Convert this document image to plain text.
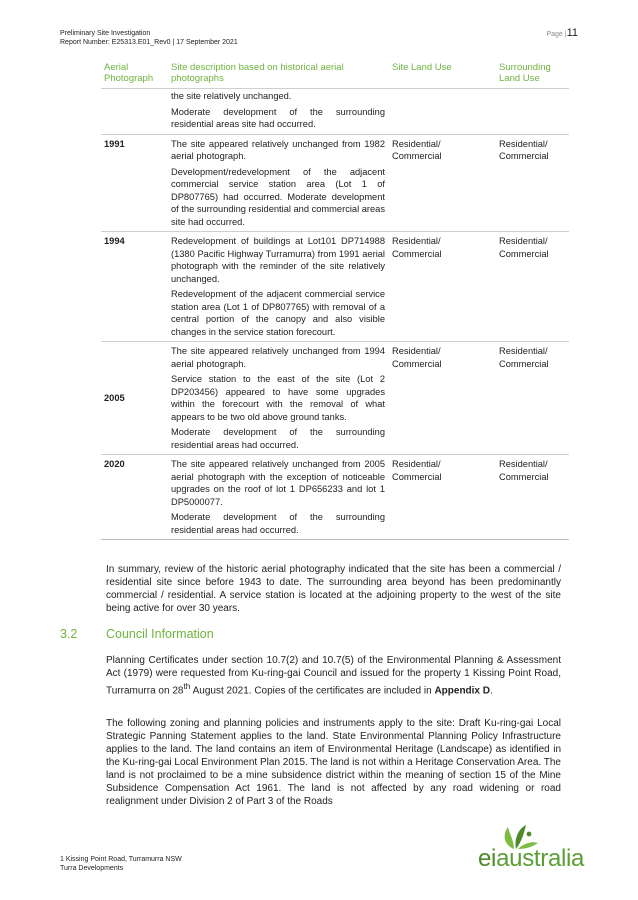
Preliminary Site Investigation
Report Number: E25313.E01_Rev0 | 17 September 2021
Page |11
Aerial Photograph	Site description based on historical aerial photographs	Site Land Use	Surrounding Land Use

	the site relatively unchanged.

Moderate development of the surrounding residential areas site had occurred.		

1991	The site appeared relatively unchanged from 1982 aerial photograph.

Development/redevelopment of the adjacent commercial service station area (Lot 1 of DP807765) had occurred. Moderate development of the surrounding residential and commercial areas site had occurred.	Residential/ Commercial	Residential/ Commercial
1994	Redevelopment of buildings at Lot101 DP714988 (1380 Pacific Highway Turramurra) from 1991 aerial photograph with the reminder of the site relatively unchanged.

Redevelopment of the adjacent commercial service station area (Lot 1 of DP807765) with removal of a central portion of the canopy and also visible changes in the service station forecourt.	Residential/ Commercial	Residential/ Commercial
2005	The site appeared relatively unchanged from 1994 aerial photograph.

Service station to the east of the site (Lot 2 DP203456) appeared to have some upgrades within the forecourt with the removal of what appears to be two old above ground tanks.

Moderate development of the surrounding residential areas had occurred.	Residential/ Commercial	Residential/ Commercial
2020	The site appeared relatively unchanged from 2005 aerial photograph with the exception of noticeable upgrades on the roof of lot 1 DP656233 and lot 1 DP5000077.

Moderate development of the surrounding residential areas had occurred.	Residential/ Commercial	Residential/ Commercial

In summary, review of the historic aerial photography indicated that the site has been a commercial / residential site since before 1943 to date. The surrounding area beyond has been predominantly commercial / residential. A service station is located at the adjoining property to the west of the site being active for over 30 years.

3.2 Council Information

Planning Certificates under section 10.7(2) and 10.7(5) of the Environmental Planning & Assessment Act (1979) were requested from Ku-ring-gai Council and issued for the property 1 Kissing Point Road, Turramurra on 28th August 2021. Copies of the certificates are included in Appendix D.

The following zoning and planning policies and instruments apply to the site: Draft Ku-ring-gai Local Strategic Panning Statement applies to the land. State Environmental Planning Policy Infrastructure applies to the land. The land contains an item of Environmental Heritage (Landscape) as identified in the Ku-ring-gai Local Environment Plan 2015. The land is not within a Heritage Conservation Area. The land is not proclaimed to be a mine subsidence district within the meaning of section 15 of the Mine Subsidence Compensation Act 1961. The land is not affected by any road widening or road realignment under Division 2 of Part 3 of the Roads

1 Kissing Point Road, Turramurra NSW
Turra Developments	eiaustralia
